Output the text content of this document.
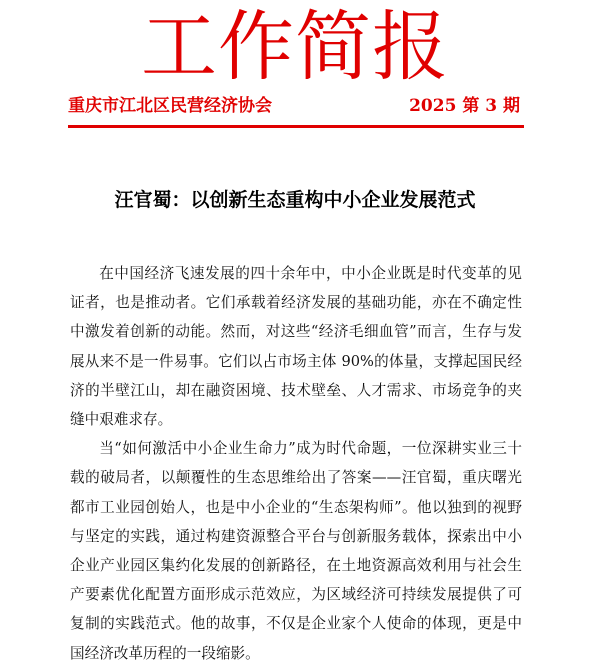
工作简报
重庆市江北区民营经济协会	2025 第 3 期
汪官蜀：以创新生态重构中小企业发展范式

在中国经济飞速发展的四十余年中，中小企业既是时代变革的见证者，也是推动者。它们承载着经济发展的基础功能，亦在不确定性中激发着创新的动能。然而，对这些“经济毛细血管”而言，生存与发展从来不是一件易事。它们以占市场主体 90%的体量，支撑起国民经济的半壁江山，却在融资困境、技术壁垒、人才需求、市场竞争的夹缝中艰难求存。

当“如何激活中小企业生命力”成为时代命题，一位深耕实业三十载的破局者，以颠覆性的生态思维给出了答案——汪官蜀，重庆曙光都市工业园创始人，也是中小企业的“生态架构师”。他以独到的视野与坚定的实践，通过构建资源整合平台与创新服务载体，探索出中小企业产业园区集约化发展的创新路径，在土地资源高效利用与社会生产要素优化配置方面形成示范效应，为区域经济可持续发展提供了可复制的实践范式。他的故事，不仅是企业家个人使命的体现，更是中国经济改革历程的一段缩影。
